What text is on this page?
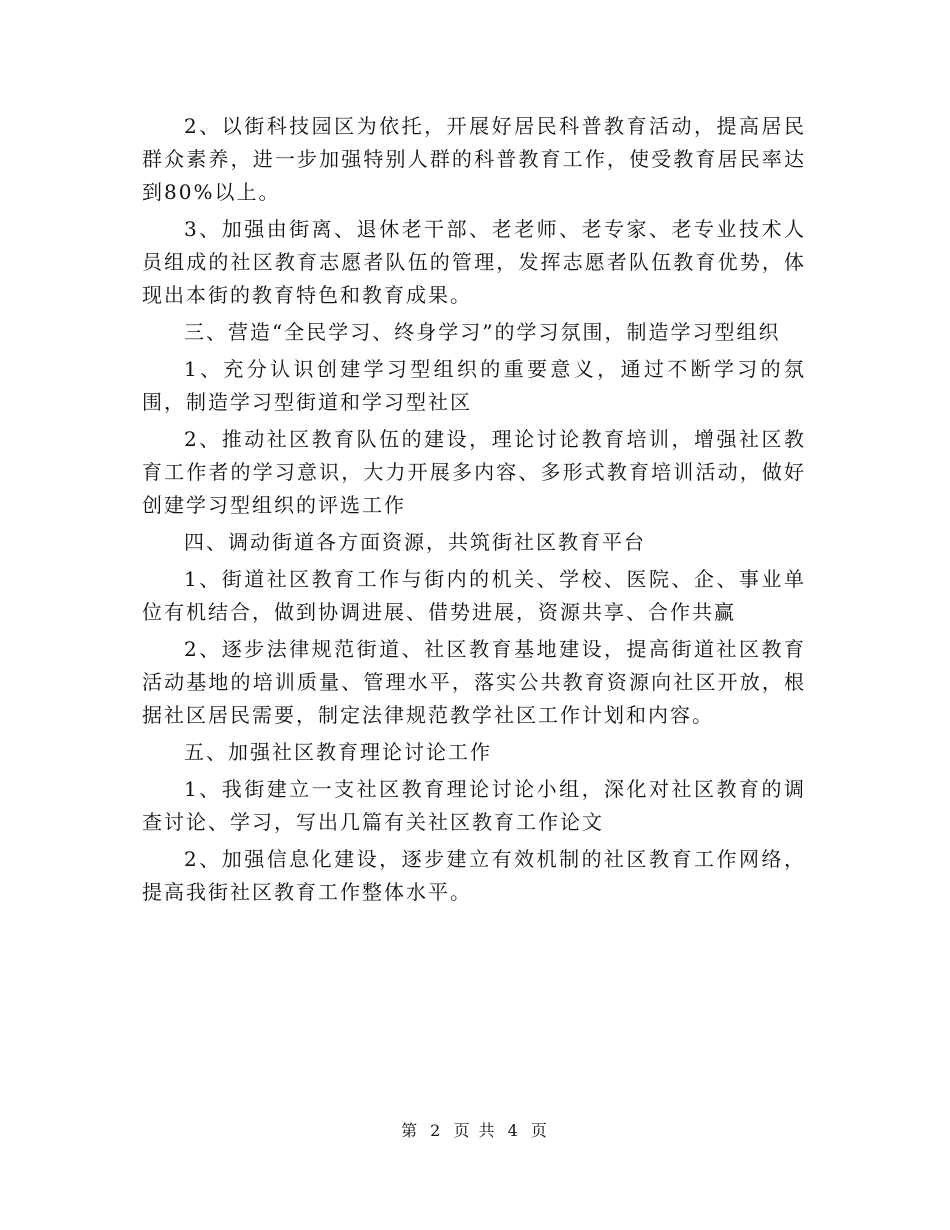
2、以街科技园区为依托，开展好居民科普教育活动，提高居民群众素养，进一步加强特别人群的科普教育工作，使受教育居民率达到80%以上。

3、加强由街离、退休老干部、老老师、老专家、老专业技术人员组成的社区教育志愿者队伍的管理，发挥志愿者队伍教育优势，体现出本街的教育特色和教育成果。

三、营造“全民学习、终身学习”的学习氛围，制造学习型组织

1、充分认识创建学习型组织的重要意义，通过不断学习的氛围，制造学习型街道和学习型社区

2、推动社区教育队伍的建设，理论讨论教育培训，增强社区教育工作者的学习意识，大力开展多内容、多形式教育培训活动，做好创建学习型组织的评选工作

四、调动街道各方面资源，共筑街社区教育平台

1、街道社区教育工作与街内的机关、学校、医院、企、事业单位有机结合，做到协调进展、借势进展，资源共享、合作共赢

2、逐步法律规范街道、社区教育基地建设，提高街道社区教育活动基地的培训质量、管理水平，落实公共教育资源向社区开放，根据社区居民需要，制定法律规范教学社区工作计划和内容。

五、加强社区教育理论讨论工作

1、我街建立一支社区教育理论讨论小组，深化对社区教育的调查讨论、学习，写出几篇有关社区教育工作论文

2、加强信息化建设，逐步建立有效机制的社区教育工作网络，提高我街社区教育工作整体水平。

第 2 页 共 4 页
